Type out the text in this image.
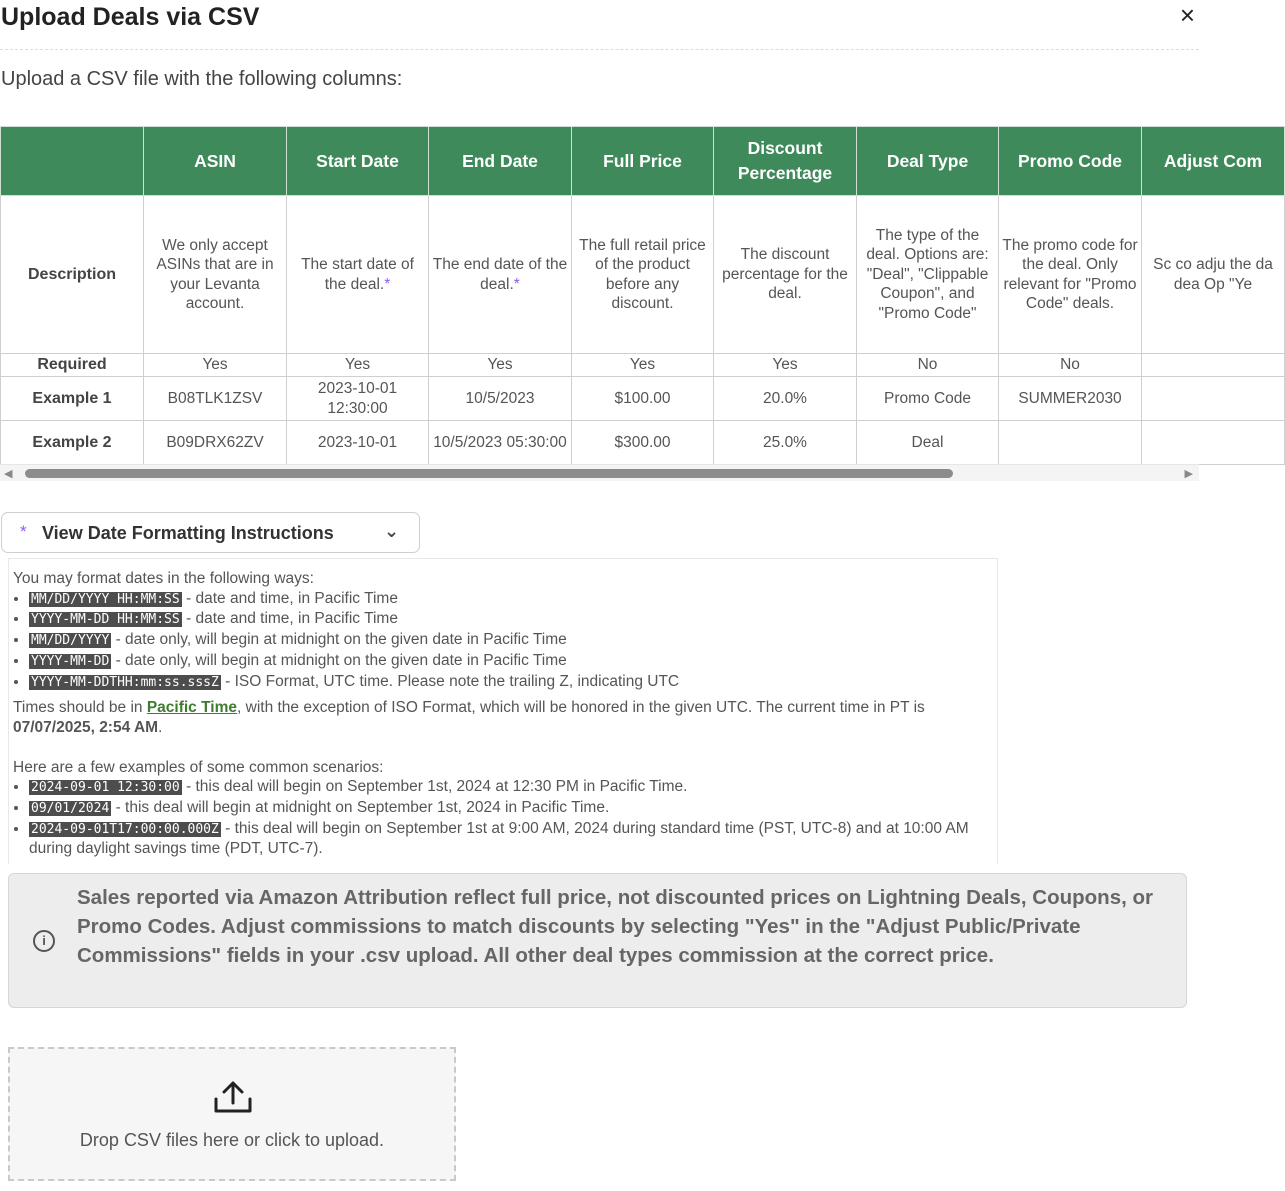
Upload Deals via CSV	×
Upload a CSV file with the following columns:
	ASIN	Start Date	End Date	Full Price	Discount Percentage	Deal Type	Promo Code	Adjust Com
Description	We only accept ASINs that are in your Levanta account.	The start date of the deal.*	The end date of the deal.*	The full retail price of the product before any discount.	The discount percentage for the deal.	The type of the deal. Options are: "Deal", "Clippable Coupon", and "Promo Code"	The promo code for the deal. Only relevant for "Promo Code" deals.	Sc co adju the da dea Op "Ye
Required	Yes	Yes	Yes	Yes	Yes	No	No	
Example 1	B08TLK1ZSV	2023-10-01 12:30:00	10/5/2023	$100.00	20.0%	Promo Code	SUMMER2030	
Example 2	B09DRX62ZV	2023-10-01	10/5/2023 05:30:00	$300.00	25.0%	Deal		
◀	▶
* View Date Formatting Instructions	⌄

You may format dates in the following ways:

• MM/DD/YYYY HH:MM:SS - date and time, in Pacific Time
• YYYY-MM-DD HH:MM:SS - date and time, in Pacific Time
• MM/DD/YYYY - date only, will begin at midnight on the given date in Pacific Time
• YYYY-MM-DD - date only, will begin at midnight on the given date in Pacific Time
• YYYY-MM-DDTHH:mm:ss.sssZ - ISO Format, UTC time. Please note the trailing Z, indicating UTC

Times should be in Pacific Time, with the exception of ISO Format, which will be honored in the given UTC. The current time in PT is 07/07/2025, 2:54 AM.

Here are a few examples of some common scenarios:

• 2024-09-01 12:30:00 - this deal will begin on September 1st, 2024 at 12:30 PM in Pacific Time.
• 09/01/2024 - this deal will begin at midnight on September 1st, 2024 in Pacific Time.
• 2024-09-01T17:00:00.000Z - this deal will begin on September 1st at 9:00 AM, 2024 during standard time (PST, UTC-8) and at 10:00 AM during daylight savings time (PDT, UTC-7).
i
Sales reported via Amazon Attribution reflect full price, not discounted prices on Lightning Deals, Coupons, or Promo Codes. Adjust commissions to match discounts by selecting "Yes" in the "Adjust Public/Private Commissions" fields in your .csv upload. All other deal types commission at the correct price.
Drop CSV files here or click to upload.
